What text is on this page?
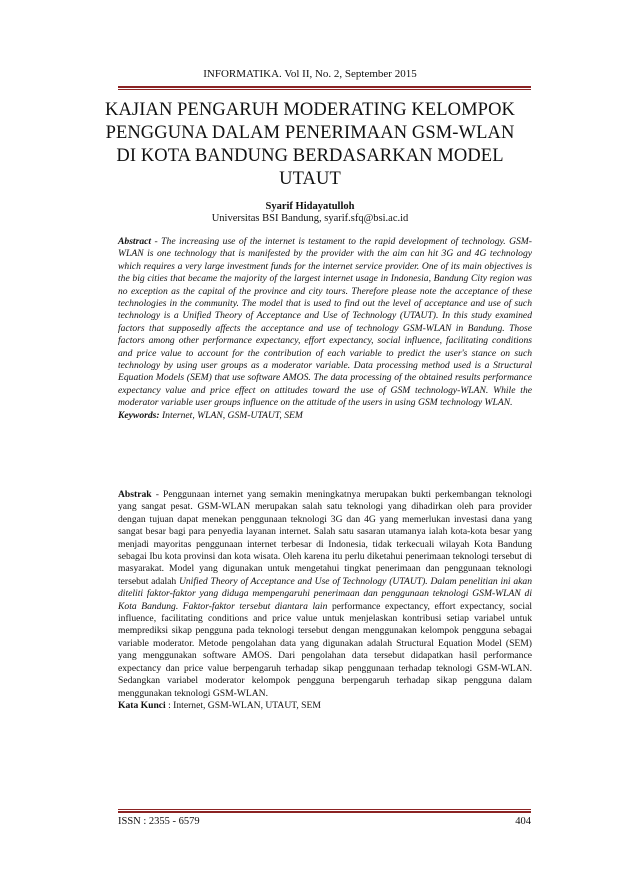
INFORMATIKA. Vol II, No. 2, September 2015
KAJIAN PENGARUH MODERATING KELOMPOK PENGGUNA DALAM PENERIMAAN GSM-WLAN DI KOTA BANDUNG BERDASARKAN MODEL UTAUT
Syarif Hidayatulloh
Universitas BSI Bandung, syarif.sfq@bsi.ac.id
Abstract - The increasing use of the internet is testament to the rapid development of technology. GSM-WLAN is one technology that is manifested by the provider with the aim can hit 3G and 4G technology which requires a very large investment funds for the internet service provider. One of its main objectives is the big cities that became the majority of the largest internet usage in Indonesia, Bandung City region was no exception as the capital of the province and city tours. Therefore please note the acceptance of these technologies in the community. The model that is used to find out the level of acceptance and use of such technology is a Unified Theory of Acceptance and Use of Technology (UTAUT). In this study examined factors that supposedly affects the acceptance and use of technology GSM-WLAN in Bandung. Those factors among other performance expectancy, effort expectancy, social influence, facilitating conditions and price value to account for the contribution of each variable to predict the user's stance on such technology by using user groups as a moderator variable. Data processing method used is a Structural Equation Models (SEM) that use software AMOS. The data processing of the obtained results performance expectancy value and price effect on attitudes toward the use of GSM technology-WLAN. While the moderator variable user groups influence on the attitude of the users in using GSM technology WLAN.
Keywords: Internet, WLAN, GSM-UTAUT, SEM
Abstrak - Penggunaan internet yang semakin meningkatnya merupakan bukti perkembangan teknologi yang sangat pesat. GSM-WLAN merupakan salah satu teknologi yang dihadirkan oleh para provider dengan tujuan dapat menekan penggunaan teknologi 3G dan 4G yang memerlukan investasi dana yang sangat besar bagi para penyedia layanan internet. Salah satu sasaran utamanya ialah kota-kota besar yang menjadi mayoritas penggunaan internet terbesar di Indonesia, tidak terkecuali wilayah Kota Bandung sebagai Ibu kota provinsi dan kota wisata. Oleh karena itu perlu diketahui penerimaan teknologi tersebut di masyarakat. Model yang digunakan untuk mengetahui tingkat penerimaan dan penggunaan teknologi tersebut adalah Unified Theory of Acceptance and Use of Technology (UTAUT). Dalam penelitian ini akan diteliti faktor-faktor yang diduga mempengaruhi penerimaan dan penggunaan teknologi GSM-WLAN di Kota Bandung. Faktor-faktor tersebut diantara lain performance expectancy, effort expectancy, social influence, facilitating conditions and price value untuk menjelaskan kontribusi setiap variabel untuk memprediksi sikap pengguna pada teknologi tersebut dengan menggunakan kelompok pengguna sebagai variable moderator. Metode pengolahan data yang digunakan adalah Structural Equation Model (SEM) yang menggunakan software AMOS. Dari pengolahan data tersebut didapatkan hasil performance expectancy dan price value berpengaruh terhadap sikap penggunaan terhadap teknologi GSM-WLAN. Sedangkan variabel moderator kelompok pengguna berpengaruh terhadap sikap pengguna dalam menggunakan teknologi GSM-WLAN.
Kata Kunci : Internet, GSM-WLAN, UTAUT, SEM
ISSN : 2355 - 6579	404
